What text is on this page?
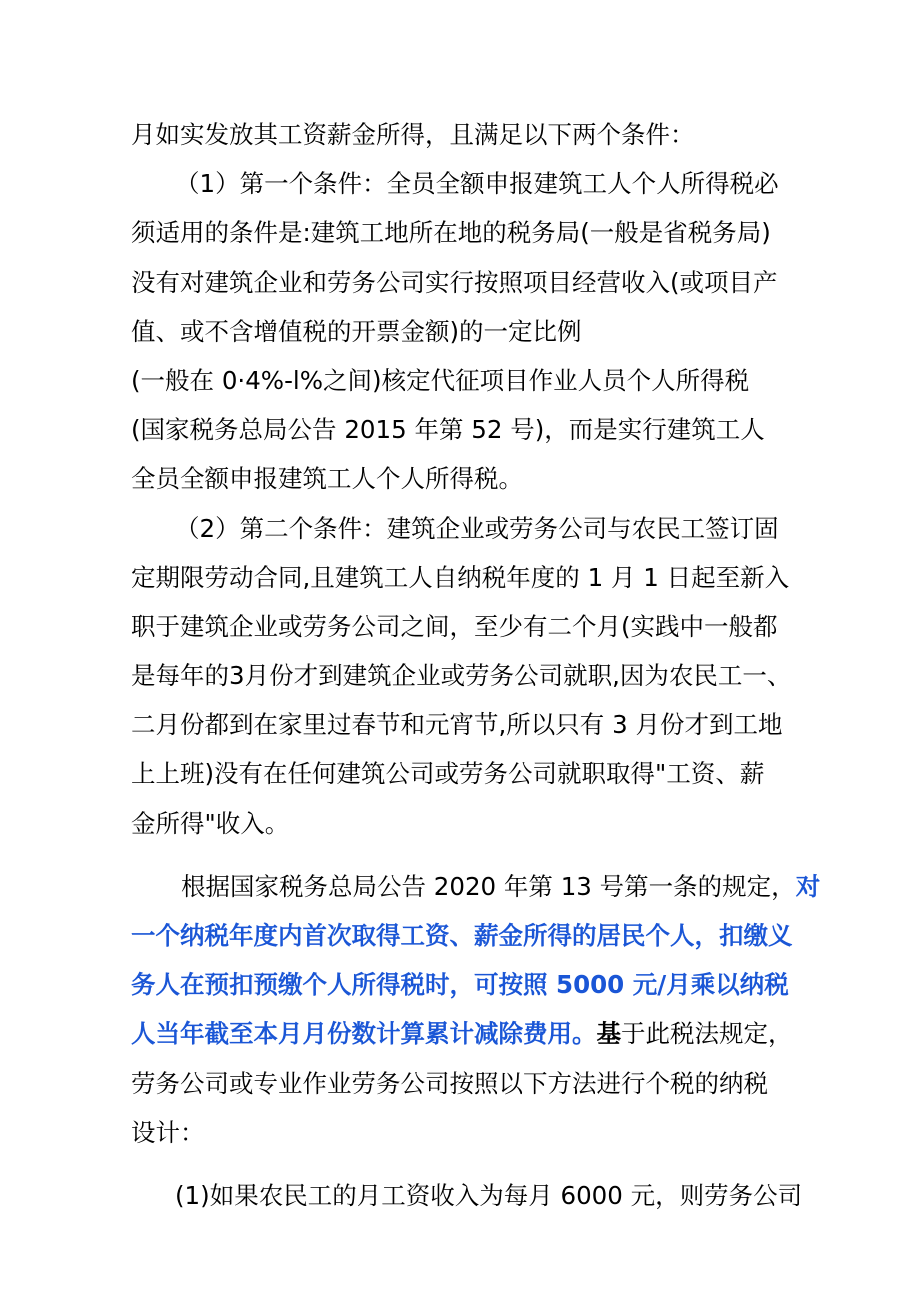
月如实发放其工资薪金所得，且满足以下两个条件：
（1）第一个条件：全员全额申报建筑工人个人所得税必
须适用的条件是:建筑工地所在地的税务局(一般是省税务局)
没有对建筑企业和劳务公司实行按照项目经营收入(或项目产
值、或不含增值税的开票金额)的一定比例
(一般在 0·4%-l%之间)核定代征项目作业人员个人所得税
(国家税务总局公告 2015 年第 52 号)，而是实行建筑工人
全员全额申报建筑工人个人所得税。
（2）第二个条件：建筑企业或劳务公司与农民工签订固
定期限劳动合同,且建筑工人自纳税年度的 1 月 1 日起至新入
职于建筑企业或劳务公司之间，至少有二个月(实践中一般都
是每年的3月份才到建筑企业或劳务公司就职,因为农民工一、
二月份都到在家里过春节和元宵节,所以只有 3 月份才到工地
上上班)没有在任何建筑公司或劳务公司就职取得"工资、薪
金所得"收入。
根据国家税务总局公告 2020 年第 13 号第一条的规定，对
一个纳税年度内首次取得工资、薪金所得的居民个人，扣缴义
务人在预扣预缴个人所得税时，可按照 5000 元/月乘以纳税
人当年截至本月月份数计算累计减除费用。基于此税法规定，
劳务公司或专业作业劳务公司按照以下方法进行个税的纳税
设计：
(1)如果农民工的月工资收入为每月 6000 元，则劳务公司
